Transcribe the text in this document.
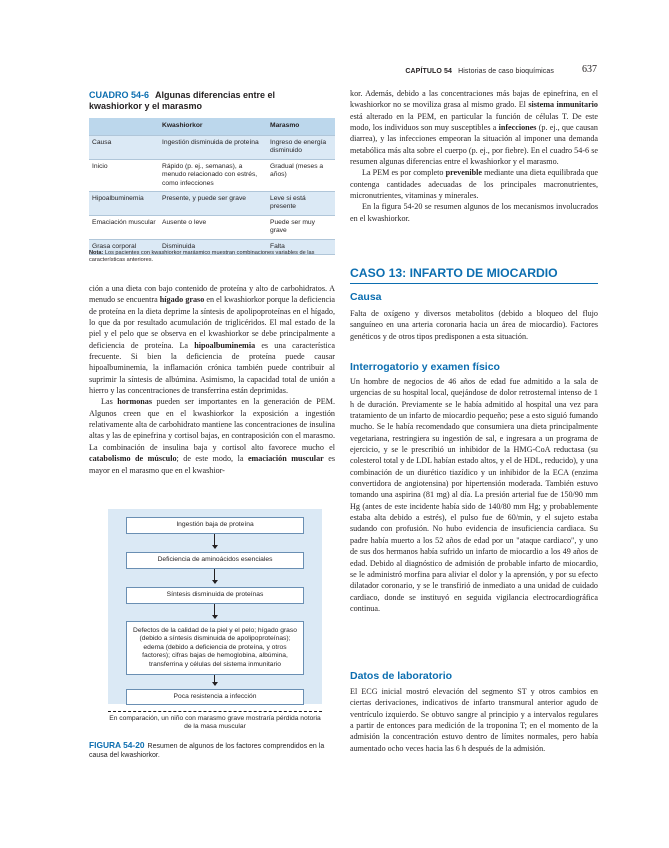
CAPÍTULO 54 Historias de caso bioquímicas	637
CUADRO 54-6 Algunas diferencias entre el kwashiorkor y el marasmo
	Kwashiorkor	Marasmo
Causa	Ingestión disminuida de proteína	Ingreso de energía disminuido
Inicio	Rápido (p. ej., semanas), a menudo relacionado con estrés, como infecciones	Gradual (meses a años)
Hipoalbuminemia	Presente, y puede ser grave	Leve si está presente
Emaciación muscular	Ausente o leve	Puede ser muy grave
Grasa corporal	Disminuida	Falta
Nota: Los pacientes con kwashiorkor marásmico muestran combinaciones variables de las características anteriores.

ción a una dieta con bajo contenido de proteína y alto de carbohidratos. A menudo se encuentra hígado graso en el kwashiorkor porque la deficiencia de proteína en la dieta deprime la síntesis de apolipoproteínas en el hígado, lo que da por resultado acumulación de triglicéridos. El mal estado de la piel y el pelo que se observa en el kwashiorkor se debe principalmente a deficiencia de proteína. La hipoalbuminemia es una característica frecuente. Si bien la deficiencia de proteína puede causar hipoalbuminemia, la inflamación crónica también puede contribuir al suprimir la síntesis de albúmina. Asimismo, la capacidad total de unión a hierro y las concentraciones de transferrina están deprimidas.

Las hormonas pueden ser importantes en la generación de PEM. Algunos creen que en el kwashiorkor la exposición a ingestión relativamente alta de carbohidrato mantiene las concentraciones de insulina altas y las de epinefrina y cortisol bajas, en contraposición con el marasmo. La combinación de insulina baja y cortisol alto favorece mucho el catabolismo de músculo; de este modo, la emaciación muscular es mayor en el marasmo que en el kwashior-

Ingestión baja de proteína
Deficiencia de aminoácidos esenciales
Síntesis disminuida de proteínas
Defectos de la calidad de la piel y el pelo; hígado graso (debido a síntesis disminuida de apolipoproteínas); edema (debido a deficiencia de proteína, y otros factores); cifras bajas de hemoglobina, albúmina, transferrina y células del sistema inmunitario
Poca resistencia a infección
En comparación, un niño con marasmo grave mostraría pérdida notoria de la masa muscular
FIGURA 54-20 Resumen de algunos de los factores comprendidos en la causa del kwashiorkor.

kor. Además, debido a las concentraciones más bajas de epinefrina, en el kwashiorkor no se moviliza grasa al mismo grado. El sistema inmunitario está alterado en la PEM, en particular la función de células T. De este modo, los individuos son muy susceptibles a infecciones (p. ej., que causan diarrea), y las infecciones empeoran la situación al imponer una demanda metabólica más alta sobre el cuerpo (p. ej., por fiebre). En el cuadro 54-6 se resumen algunas diferencias entre el kwashiorkor y el marasmo.

La PEM es por completo prevenible mediante una dieta equilibrada que contenga cantidades adecuadas de los principales macronutrientes, micronutrientes, vitaminas y minerales.

En la figura 54-20 se resumen algunos de los mecanismos involucrados en el kwashiorkor.

CASO 13: INFARTO DE MIOCARDIO
Causa

Falta de oxígeno y diversos metabolitos (debido a bloqueo del flujo sanguíneo en una arteria coronaria hacia un área de miocardio). Factores genéticos y de otros tipos predisponen a esta situación.

Interrogatorio y examen físico

Un hombre de negocios de 46 años de edad fue admitido a la sala de urgencias de su hospital local, quejándose de dolor retrosternal intenso de 1 h de duración. Previamente se le había admitido al hospital una vez para tratamiento de un infarto de miocardio pequeño; pese a esto siguió fumando mucho. Se le había recomendado que consumiera una dieta principalmente vegetariana, restringiera su ingestión de sal, e ingresara a un programa de ejercicio, y se le prescribió un inhibidor de la HMG-CoA reductasa (su colesterol total y de LDL habían estado altos, y el de HDL, reducido), y una combinación de un diurético tiazídico y un inhibidor de la ECA (enzima convertidora de angiotensina) por hipertensión moderada. También estuvo tomando una aspirina (81 mg) al día. La presión arterial fue de 150/90 mm Hg (antes de este incidente había sido de 140/80 mm Hg; y probablemente estaba alta debido a estrés), el pulso fue de 60/min, y el sujeto estaba sudando con profusión. No hubo evidencia de insuficiencia cardiaca. Su padre había muerto a los 52 años de edad por un "ataque cardiaco", y uno de sus dos hermanos había sufrido un infarto de miocardio a los 49 años de edad. Debido al diagnóstico de admisión de probable infarto de miocardio, se le administró morfina para aliviar el dolor y la aprensión, y por su efecto dilatador coronario, y se le transfirió de inmediato a una unidad de cuidado cardiaco, donde se instituyó en seguida vigilancia electrocardiográfica continua.

Datos de laboratorio

El ECG inicial mostró elevación del segmento ST y otros cambios en ciertas derivaciones, indicativos de infarto transmural anterior agudo de ventrículo izquierdo. Se obtuvo sangre al principio y a intervalos regulares a partir de entonces para medición de la troponina T; en el momento de la admisión la concentración estuvo dentro de límites normales, pero había aumentado ocho veces hacia las 6 h después de la admisión.
